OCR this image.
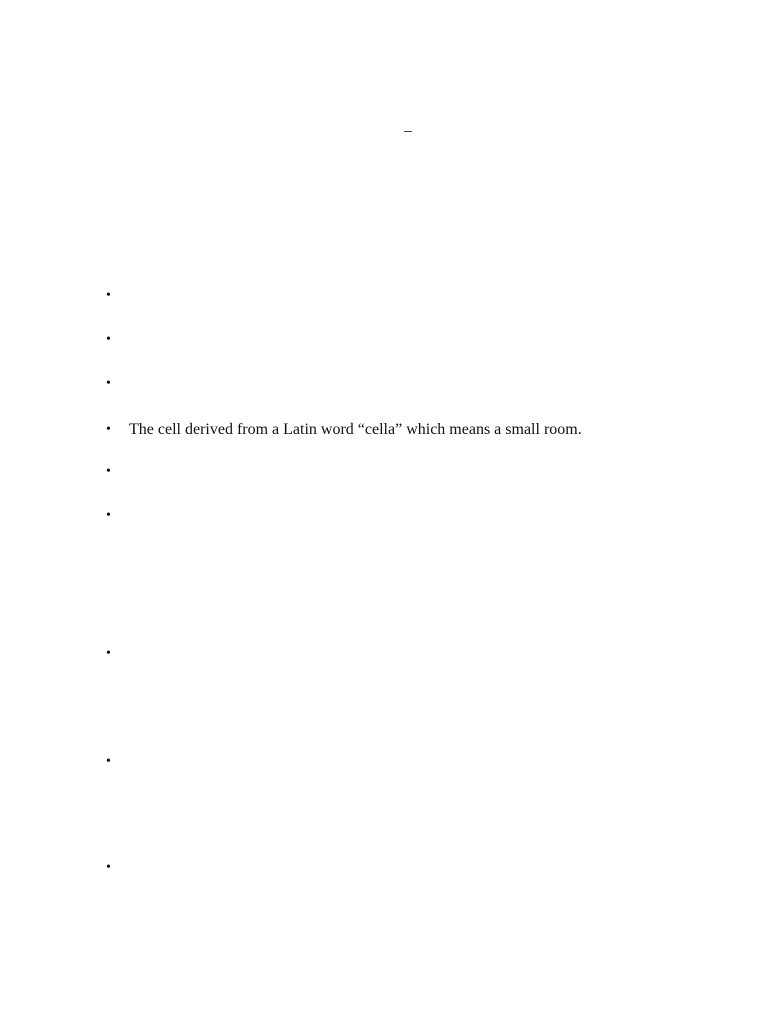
_
•
•
•
•	The cell derived from a Latin word “cella” which means a small room.
•
•
•
•
•
